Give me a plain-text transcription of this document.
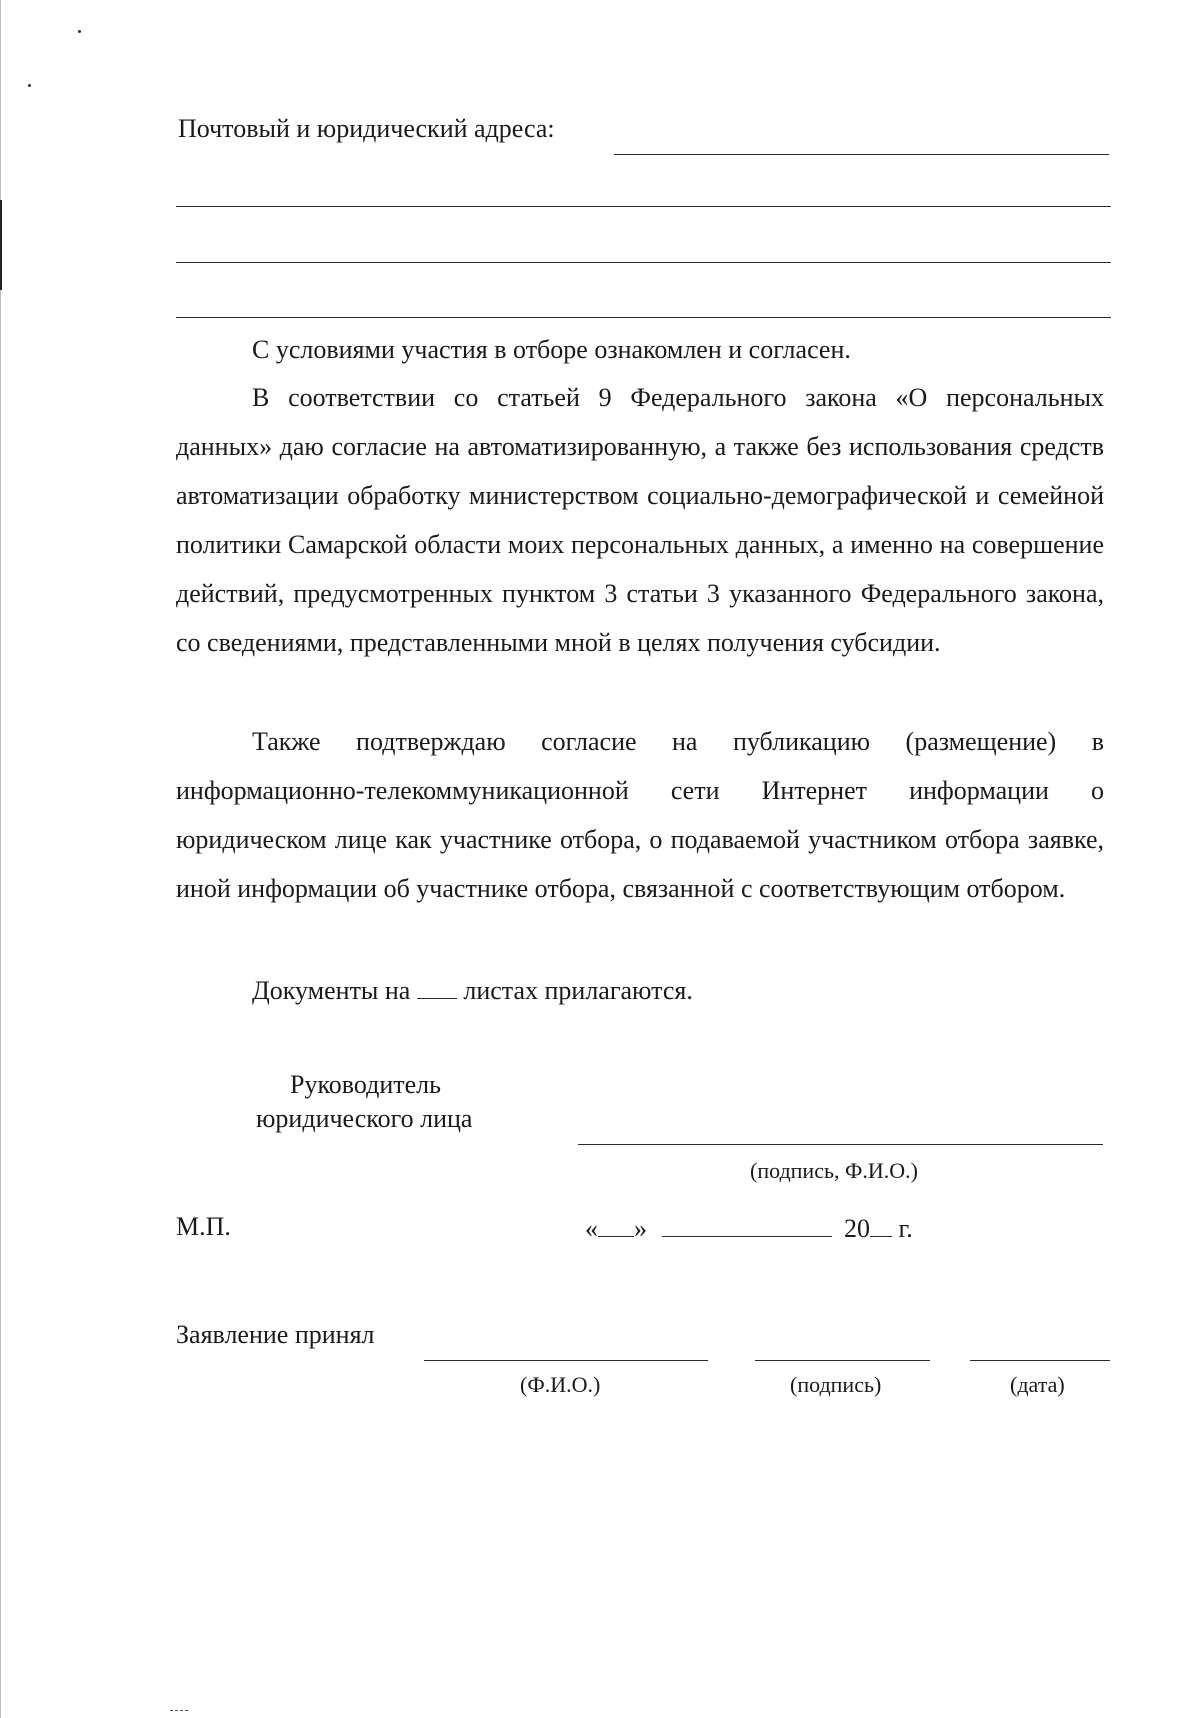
Почтовый и юридический адреса:
С условиями участия в отборе ознакомлен и согласен.
В соответствии со статьей 9 Федерального закона «О персональных данных» даю согласие на автоматизированную, а также без использования средств автоматизации обработку министерством социально-демографической и семейной политики Самарской области моих персональных данных, а именно на совершение действий, предусмотренных пунктом 3 статьи 3 указанного Федерального закона, со сведениями, представленными мной в целях получения субсидии.
Также подтверждаю согласие на публикацию (размещение) в информационно-телекоммуникационной сети Интернет информации о юридическом лице как участнике отбора, о подаваемой участником отбора заявке, иной информации об участнике отбора, связанной с соответствующим отбором.
Документы на листах прилагаются.
Руководитель
юридического лица
(подпись, Ф.И.О.)
М.П.	« »	20 г.
Заявление принял
(Ф.И.О.)	(подпись)	(дата)
